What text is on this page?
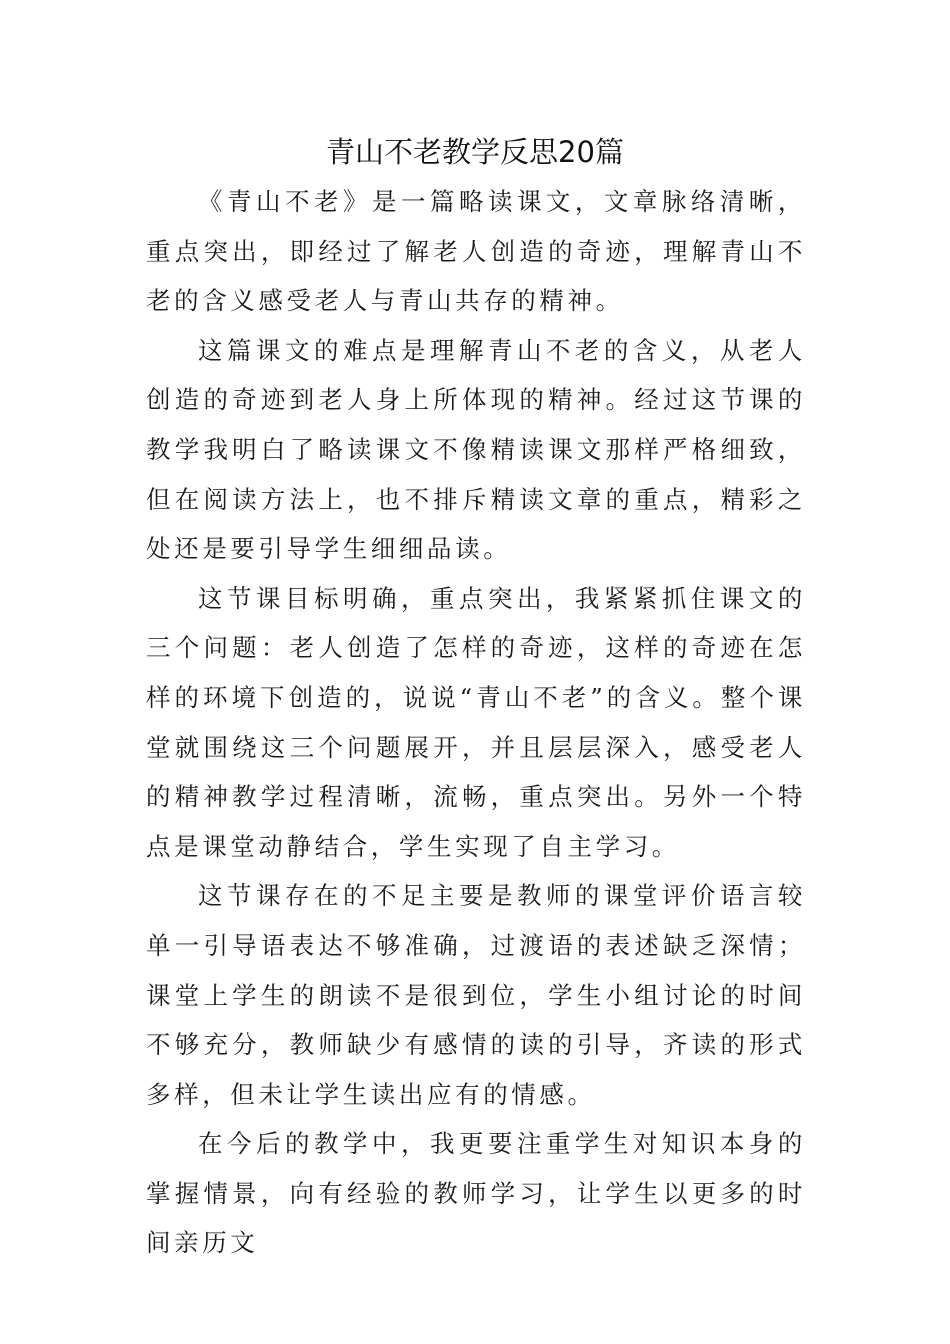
青山不老教学反思20篇

《青山不老》是一篇略读课文，文章脉络清晰，重点突出，即经过了解老人创造的奇迹，理解青山不老的含义感受老人与青山共存的精神。

这篇课文的难点是理解青山不老的含义，从老人创造的奇迹到老人身上所体现的精神。经过这节课的教学我明白了略读课文不像精读课文那样严格细致，但在阅读方法上，也不排斥精读文章的重点，精彩之处还是要引导学生细细品读。

这节课目标明确，重点突出，我紧紧抓住课文的三个问题：老人创造了怎样的奇迹，这样的奇迹在怎样的环境下创造的，说说“青山不老”的含义。整个课堂就围绕这三个问题展开，并且层层深入，感受老人的精神教学过程清晰，流畅，重点突出。另外一个特点是课堂动静结合，学生实现了自主学习。

这节课存在的不足主要是教师的课堂评价语言较单一引导语表达不够准确，过渡语的表述缺乏深情；课堂上学生的朗读不是很到位，学生小组讨论的时间不够充分，教师缺少有感情的读的引导，齐读的形式多样，但未让学生读出应有的情感。

在今后的教学中，我更要注重学生对知识本身的掌握情景，向有经验的教师学习，让学生以更多的时间亲历文
